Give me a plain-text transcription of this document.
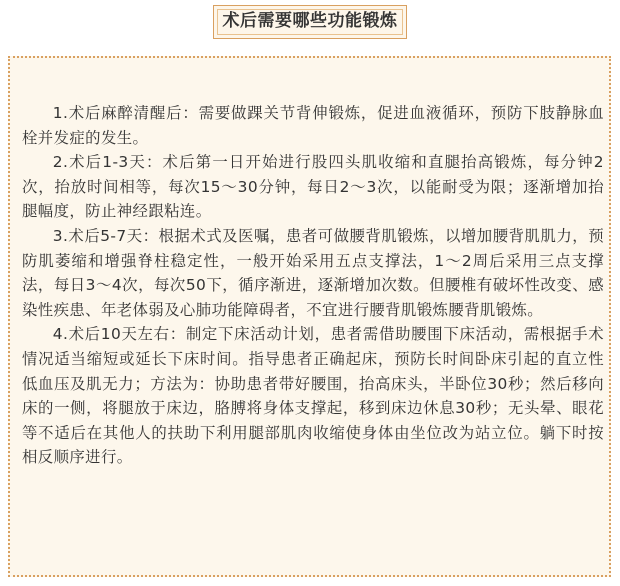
术后需要哪些功能锻炼

1.术后麻醉清醒后：需要做踝关节背伸锻炼，促进血液循环，预防下肢静脉血栓并发症的发生。

2.术后1-3天：术后第一日开始进行股四头肌收缩和直腿抬高锻炼，每分钟2次，抬放时间相等，每次15～30分钟，每日2～3次，以能耐受为限；逐渐增加抬腿幅度，防止神经跟粘连。

3.术后5-7天：根据术式及医嘱，患者可做腰背肌锻炼，以增加腰背肌肌力，预防肌萎缩和增强脊柱稳定性，一般开始采用五点支撑法，1～2周后采用三点支撑法，每日3～4次，每次50下，循序渐进，逐渐增加次数。但腰椎有破坏性改变、感染性疾患、年老体弱及心肺功能障碍者，不宜进行腰背肌锻炼腰背肌锻炼。

4.术后10天左右：制定下床活动计划，患者需借助腰围下床活动，需根据手术情况适当缩短或延长下床时间。指导患者正确起床，预防长时间卧床引起的直立性低血压及肌无力；方法为：协助患者带好腰围，抬高床头，半卧位30秒；然后移向床的一侧，将腿放于床边，胳膊将身体支撑起，移到床边休息30秒；无头晕、眼花等不适后在其他人的扶助下利用腿部肌肉收缩使身体由坐位改为站立位。躺下时按相反顺序进行。
